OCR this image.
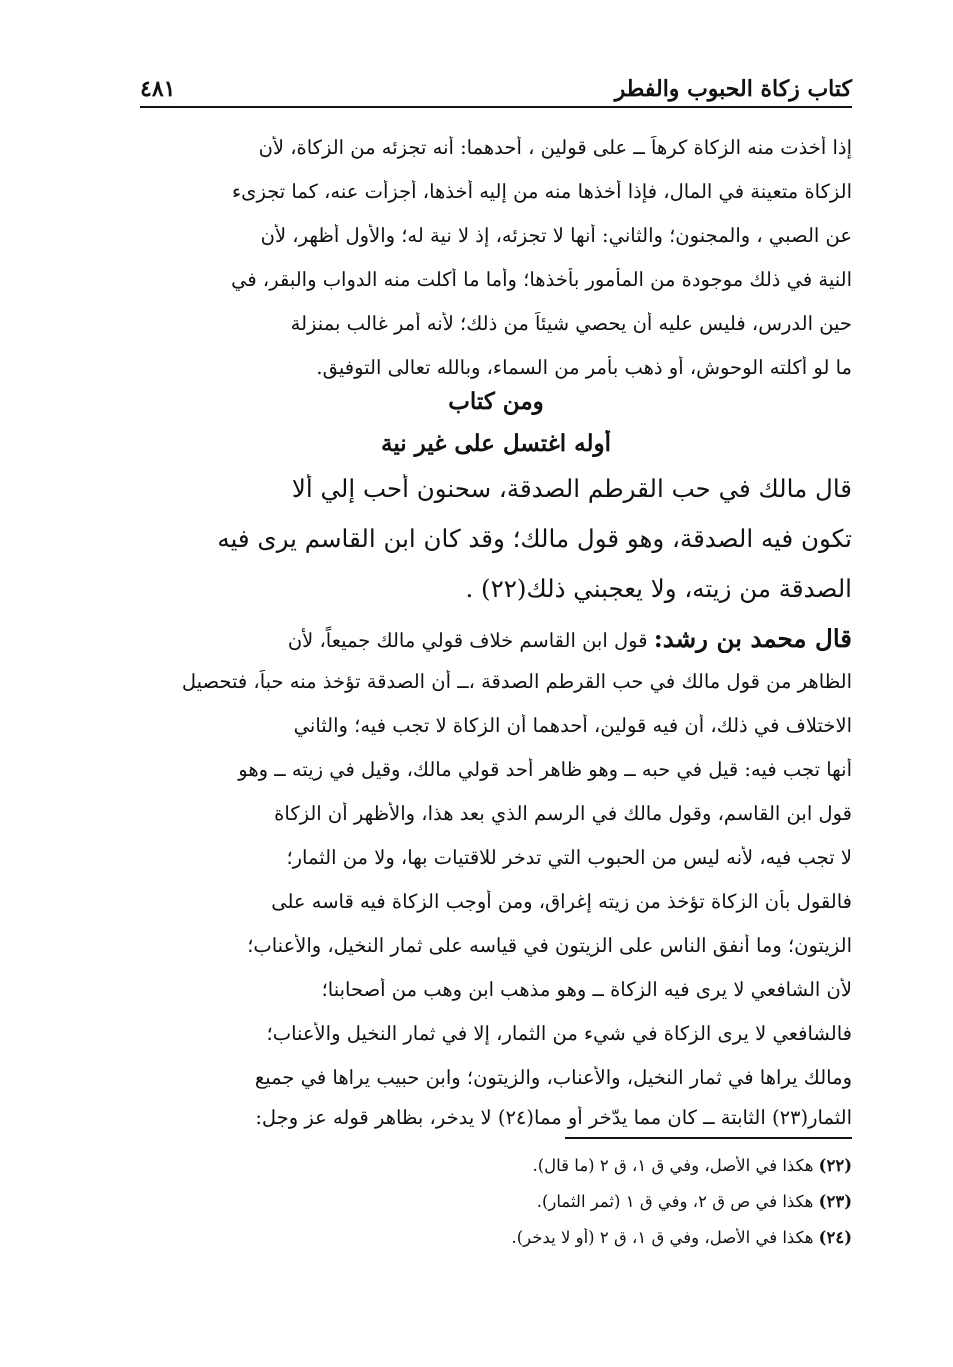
كتاب زكاة الحبوب والفطر
٤٨١
إذا أخذت منه الزكاة كرهاً ــ على قولين ، أحدهما: أنه تجزئه من الزكاة، لأن
الزكاة متعينة في المال، فإذا أخذها منه من إليه أخذها، أجزأت عنه، كما تجزىء
عن الصبي ، والمجنون؛ والثاني: أنها لا تجزئه، إذ لا نية له؛ والأول أظهر، لأن
النية في ذلك موجودة من المأمور بأخذها؛ وأما ما أكلت منه الدواب والبقر، في
حين الدرس، فليس عليه أن يحصي شيئاً من ذلك؛ لأنه أمر غالب بمنزلة
ما لو أكلته الوحوش، أو ذهب بأمر من السماء، وبالله تعالى التوفيق.
ومن كتاب
أوله اغتسل على غير نية
قال مالك في حب القرطم الصدقة، سحنون أحب إلي ألا
تكون فيه الصدقة، وهو قول مالك؛ وقد كان ابن القاسم يرى فيه
الصدقة من زيته، ولا يعجبني ذلك(٢٢) .
قال محمد بن رشد: قول ابن القاسم خلاف قولي مالك جميعاً، لأن
الظاهر من قول مالك في حب القرطم الصدقة ،ــ أن الصدقة تؤخذ منه حباً، فتحصيل
الاختلاف في ذلك، أن فيه قولين، أحدهما أن الزكاة لا تجب فيه؛ والثاني
أنها تجب فيه: قيل في حبه ــ وهو ظاهر أحد قولي مالك، وقيل في زيته ــ وهو
قول ابن القاسم، وقول مالك في الرسم الذي بعد هذا، والأظهر أن الزكاة
لا تجب فيه، لأنه ليس من الحبوب التي تدخر للاقتيات بها، ولا من الثمار؛
فالقول بأن الزكاة تؤخذ من زيته إغراق، ومن أوجب الزكاة فيه قاسه على
الزيتون؛ وما أنفق الناس على الزيتون في قياسه على ثمار النخيل، والأعناب؛
لأن الشافعي لا يرى فيه الزكاة ــ وهو مذهب ابن وهب من أصحابنا؛
فالشافعي لا يرى الزكاة في شيء من الثمار، إلا في ثمار النخيل والأعناب؛
ومالك يراها في ثمار النخيل، والأعناب، والزيتون؛ وابن حبيب يراها في جميع
الثمار(٢٣) الثابتة ــ كان مما يدّخر أو مما(٢٤) لا يدخر، بظاهر قوله عز وجل:
(٢٢) هكذا في الأصل، وفي ق ١، ق ٢ (ما قال).
(٢٣) هكذا في ص ق ٢، وفي ق ١ (ثمر الثمار).
(٢٤) هكذا في الأصل، وفي ق ١، ق ٢ (أو لا يدخر).
